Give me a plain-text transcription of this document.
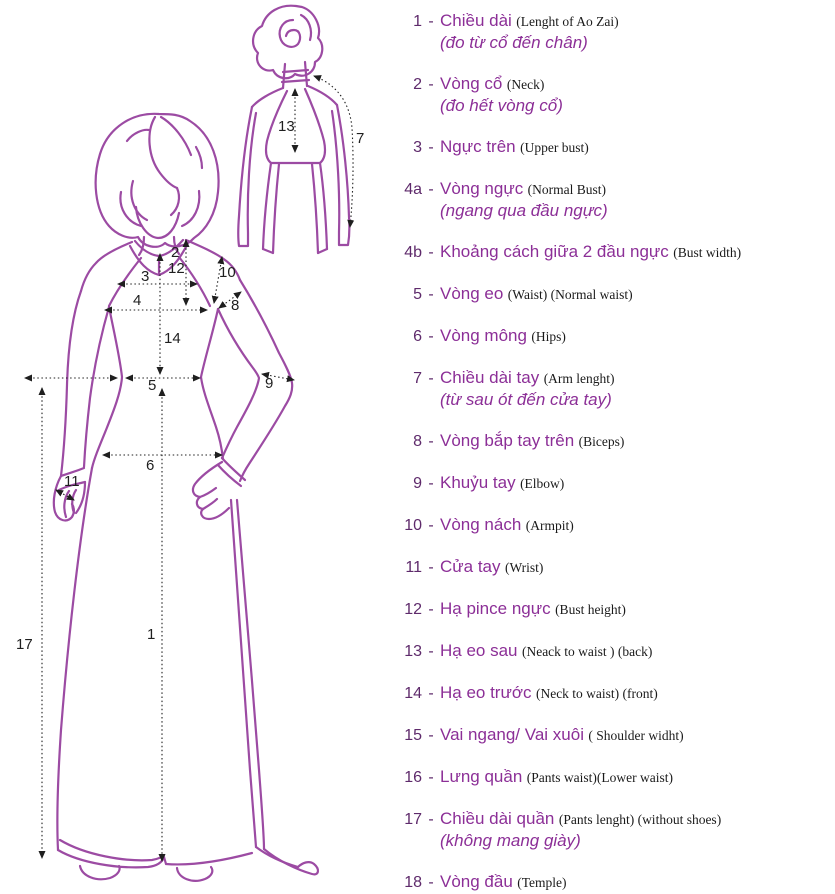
2
12
3	10
4	8
14
5	9
6
11
17
1
13
7
1 - Chiều dài (Lenght of Ao Zai)
(đo từ cổ đến chân)
2 - Vòng cổ (Neck)
(đo hết vòng cổ)
3 - Ngực trên (Upper bust)
4a - Vòng ngực (Normal Bust)
(ngang qua đầu ngực)
4b - Khoảng cách giữa 2 đầu ngực (Bust width)
5 - Vòng eo (Waist) (Normal waist)
6 - Vòng mông (Hips)
7 - Chiều dài tay (Arm lenght)
(từ sau ót đến cửa tay)
8 - Vòng bắp tay trên (Biceps)
9 - Khuỷu tay (Elbow)
10 - Vòng nách (Armpit)
11 - Cửa tay (Wrist)
12 - Hạ pince ngực (Bust height)
13 - Hạ eo sau (Neack to waist ) (back)
14 - Hạ eo trước (Neck to waist) (front)
15 - Vai ngang/ Vai xuôi ( Shoulder widht)
16 - Lưng quần (Pants waist)(Lower waist)
17 - Chiều dài quần (Pants lenght) (without shoes)
(không mang giày)
18 - Vòng đầu (Temple)
